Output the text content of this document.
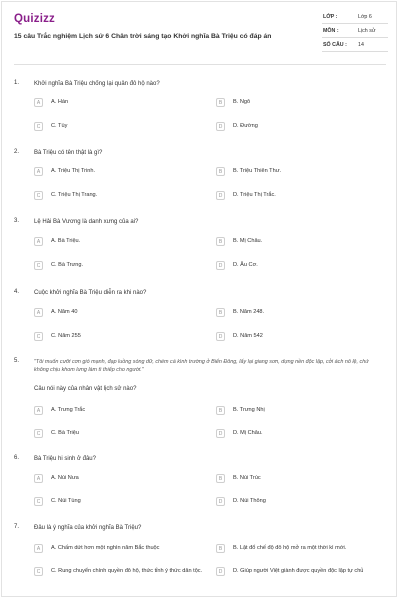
Quizizz
15 câu Trắc nghiệm Lịch sử 6 Chân trời sáng tạo Khởi nghĩa Bà Triệu có đáp án
LỚP :	Lớp 6
MÔN :	Lịch sử
SỐ CÂU : 14
1. Khởi nghĩa Bà Triệu chống lại quân đô hộ nào?
A	A. Hán	B	B. Ngô
C	C. Tùy	D	D. Đường
2. Bà Triệu có tên thật là gì?
A	A. Triệu Thị Trinh.	B	B. Triệu Thiên Thư.
C	C. Triệu Thị Trang.	D	D. Triệu Thị Trắc.
3. Lệ Hải Bà Vương là danh xưng của ai?
A	A. Bà Triệu.	B	B. Mị Châu.
C	C. Bà Trưng.	D	D. Âu Cơ.
4. Cuộc khởi nghĩa Bà Triệu diễn ra khi nào?
A	A. Năm 40	B	B. Năm 248.
C	C. Năm 255	D	D. Năm 542
5.	"Tôi muốn cưỡi cơn gió mạnh, đạp luồng sóng dữ, chém cá kình trường ở Biển Đông, lấy lại giang sơn, dựng nền độc lập, cởi ách nô lệ, chứ không chịu khom lưng làm tì thiếp cho người."
Câu nói này của nhân vật lịch sử nào?
A	A. Trưng Trắc	B	B. Trưng Nhị
C	C. Bà Triệu	D	D. Mị Châu.
6. Bà Triệu hi sinh ở đâu?
A	A. Núi Nưa	B	B. Núi Trúc
C	C. Núi Tùng	D	D. Núi Thông
7. Đâu là ý nghĩa của khởi nghĩa Bà Triệu?
A	A. Chấm dứt hơn một nghìn năm Bắc thuộc	B	B. Lật đổ chế độ đô hộ mở ra một thời kì mới.
C	C. Rung chuyển chính quyền đô hộ, thức tỉnh ý thức dân tộc.	D	D. Giúp người Việt giành được quyền độc lập tự chủ
